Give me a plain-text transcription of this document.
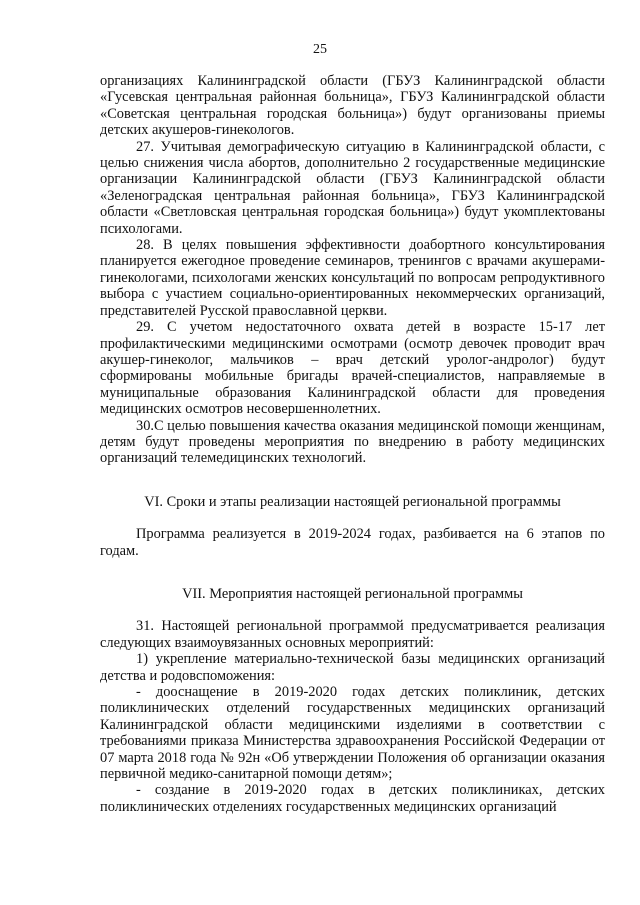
25

организациях Калининградской области (ГБУЗ Калининградской области «Гусевская центральная районная больница», ГБУЗ Калининградской области «Советская центральная городская больница») будут организованы приемы детских акушеров-гинекологов.

27. Учитывая демографическую ситуацию в Калининградской области, с целью снижения числа абортов, дополнительно 2 государственные медицинские организации Калининградской области (ГБУЗ Калининградской области «Зеленоградская центральная районная больница», ГБУЗ Калининградской области «Светловская центральная городская больница») будут укомплектованы психологами.

28. В целях повышения эффективности доабортного консультирования планируется ежегодное проведение семинаров, тренингов с врачами акушерами-гинекологами, психологами женских консультаций по вопросам репродуктивного выбора с участием социально-ориентированных некоммерческих организаций, представителей Русской православной церкви.

29. С учетом недостаточного охвата детей в возрасте 15-17 лет профилактическими медицинскими осмотрами (осмотр девочек проводит врач акушер-гинеколог, мальчиков – врач детский уролог-андролог) будут сформированы мобильные бригады врачей-специалистов, направляемые в муниципальные образования Калининградской области для проведения медицинских осмотров несовершеннолетних.

30.С целью повышения качества оказания медицинской помощи женщинам, детям будут проведены мероприятия по внедрению в работу медицинских организаций телемедицинских технологий.

VI. Сроки и этапы реализации настоящей региональной программы

Программа реализуется в 2019-2024 годах, разбивается на 6 этапов по годам.

VII. Мероприятия настоящей региональной программы

31. Настоящей региональной программой предусматривается реализация следующих взаимоувязанных основных мероприятий:

1) укрепление материально-технической базы медицинских организаций детства и родовспоможения:

- дооснащение в 2019-2020 годах детских поликлиник, детских поликлинических отделений государственных медицинских организаций Калининградской области медицинскими изделиями в соответствии с требованиями приказа Министерства здравоохранения Российской Федерации от 07 марта 2018 года № 92н «Об утверждении Положения об организации оказания первичной медико-санитарной помощи детям»;

- создание в 2019-2020 годах в детских поликлиниках, детских поликлинических отделениях государственных медицинских организаций
